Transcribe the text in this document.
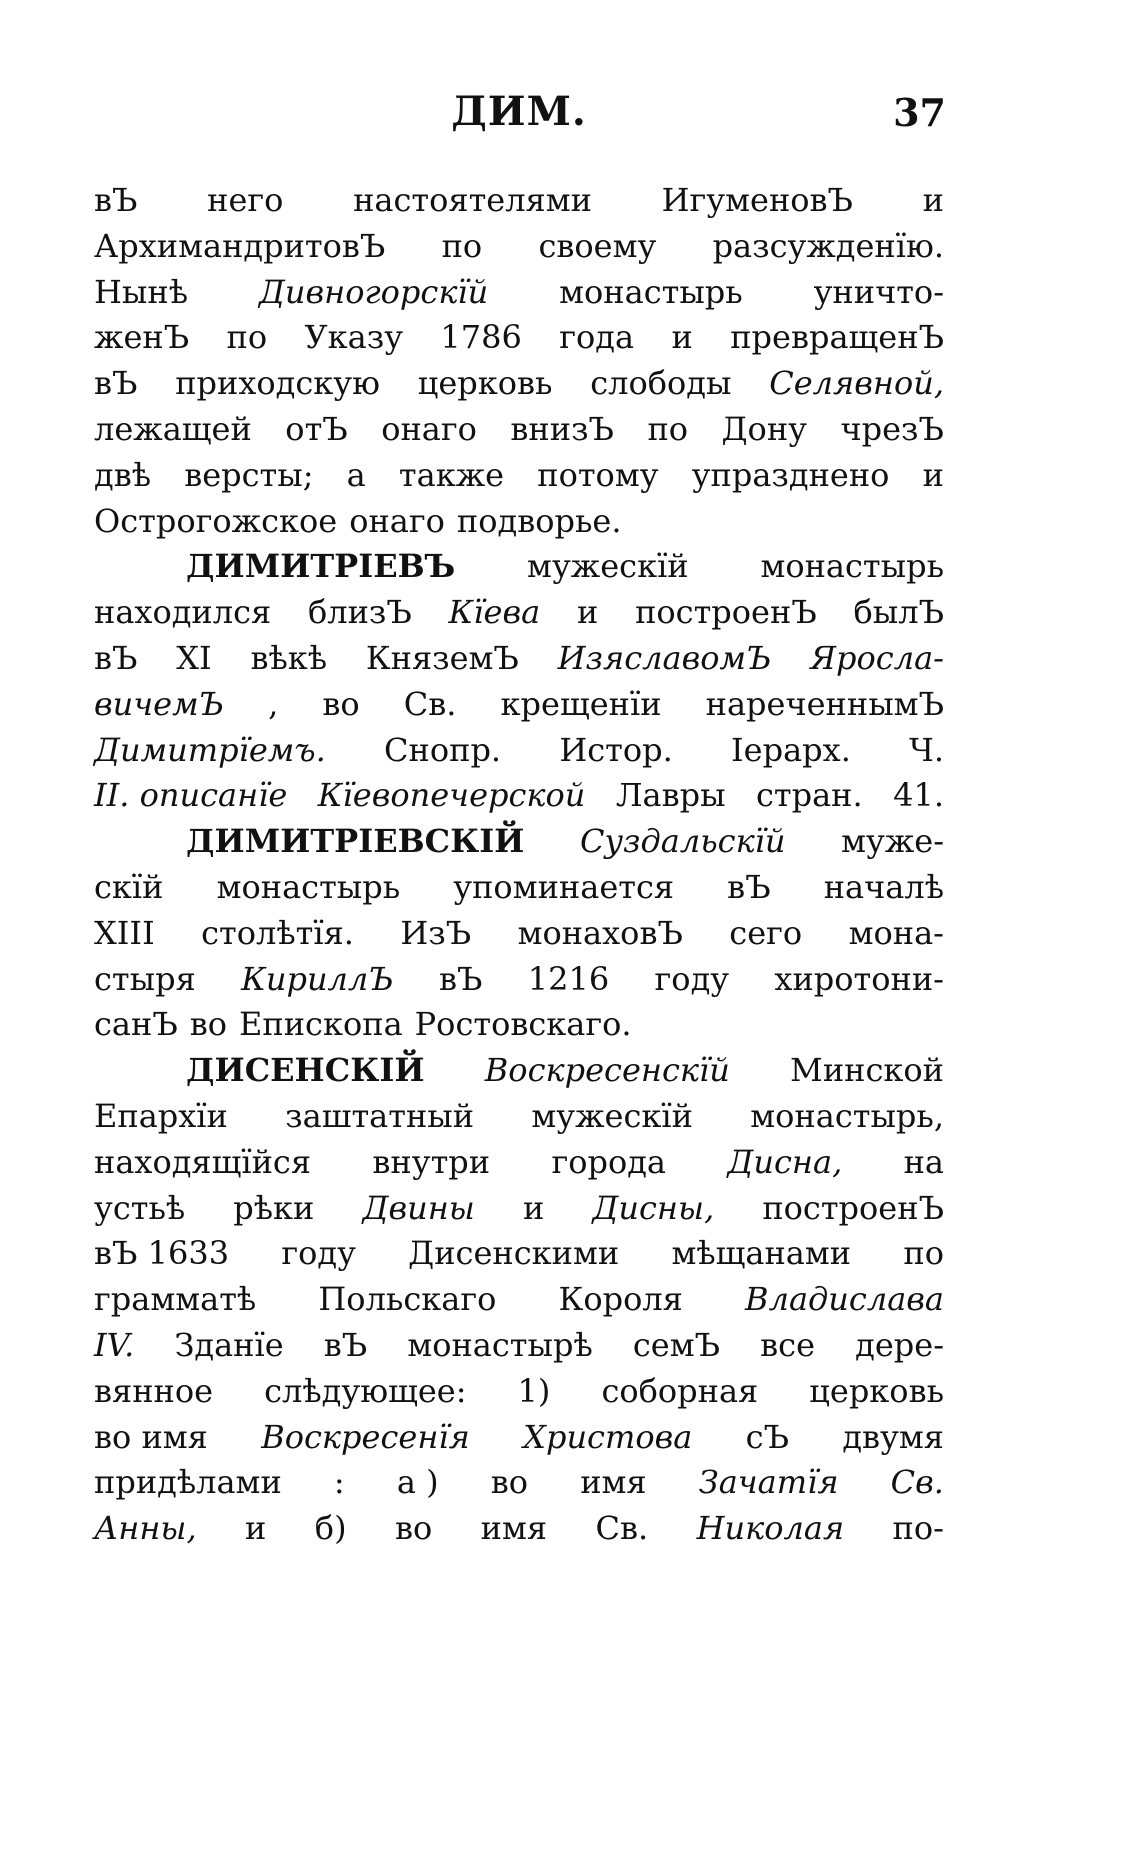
ДИМ.	37
вЪ него настоятелями ИгуменовЪ и
АрхимандритовЪ по своему разсужденїю.
Нынѣ Дивногорскїй монастырь уничто-
женЪ по Указу 1786 года и превращенЪ
вЪ приходскую церковь слободы Селявной,
лежащей отЪ онаго внизЪ по Дону чрезЪ
двѣ версты; а также потому упразднено и
Острогожское онаго подворье.
ДИМИТРІЕВЪ мужескїй монастырь
находился близЪ Кїева и построенЪ былЪ
вЪ XI вѣкѣ КняземЪ ИзяславомЪ Яросла-
вичемЪ , во Св. крещенїи нареченнымЪ
Димитрїемъ. Снопр. Истор. Іерарх. Ч.
II. описанїе Кїевопечерской Лавры стран. 41.
ДИМИТРІЕВСКІЙ Суздальскїй муже-
скїй монастырь упоминается вЪ началѣ
XIII столѣтїя. ИзЪ монаховЪ сего мона-
стыря КириллЪ вЪ 1216 году хиротони-
санЪ во Епископа Ростовскаго.
ДИСЕНСКІЙ Воскресенскїй Минской
Епархїи заштатный мужескїй монастырь,
находящїйся внутри города Дисна, на
устьѣ рѣки Двины и Дисны, построенЪ
вЪ 1633 году Дисенскими мѣщанами по
грамматѣ Польскаго Короля Владислава
IV. Зданїе вЪ монастырѣ семЪ все дере-
вянное слѣдующее: 1) соборная церковь
во имя Воскресенїя Христова сЪ двумя
придѣлами : а ) во имя Зачатїя Св.
Анны, и б) во имя Св. Николая по-
